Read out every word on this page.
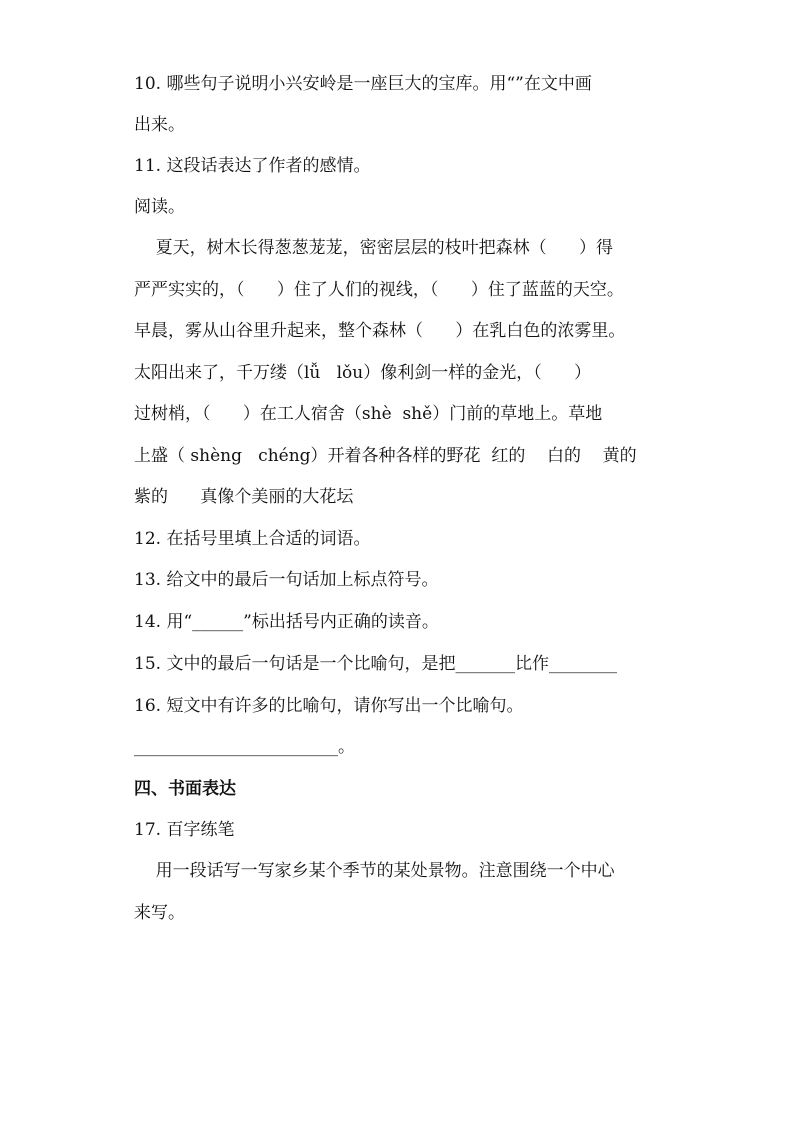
10. 哪些句子说明小兴安岭是一座巨大的宝库。用“”在文中画
出来。
11. 这段话表达了作者的感情。
阅读。
夏天，树木长得葱葱茏茏，密密层层的枝叶把森林（      ）得
严严实实的，（      ）住了人们的视线，（      ）住了蓝蓝的天空。
早晨，雾从山谷里升起来，整个森林（      ）在乳白色的浓雾里。
太阳出来了，千万缕（lǚ   lǒu）像利剑一样的金光，（      ）
过树梢，（      ）在工人宿舍（shè  shě）门前的草地上。草地
上盛（ shèng   chéng）开着各种各样的野花  红的    白的    黄的
紫的      真像个美丽的大花坛
12. 在括号里填上合适的词语。
13. 给文中的最后一句话加上标点符号。
14. 用“______”标出括号内正确的读音。
15. 文中的最后一句话是一个比喻句，是把_______比作________
16. 短文中有许多的比喻句，请你写出一个比喻句。
________________________。
四、书面表达
17. 百字练笔
用一段话写一写家乡某个季节的某处景物。注意围绕一个中心
来写。
